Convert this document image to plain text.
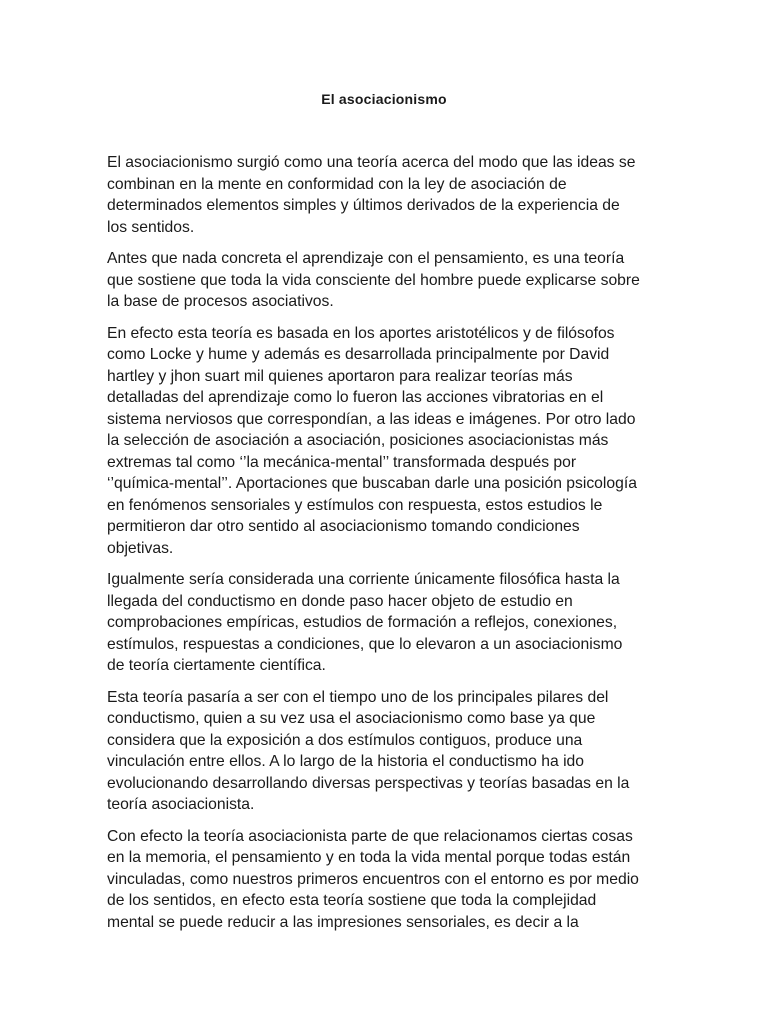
El asociacionismo

El asociacionismo surgió como una teoría acerca del modo que las ideas se
combinan en la mente en conformidad con la ley de asociación de
determinados elementos simples y últimos derivados de la experiencia de
los sentidos.

Antes que nada concreta el aprendizaje con el pensamiento, es una teoría
que sostiene que toda la vida consciente del hombre puede explicarse sobre
la base de procesos asociativos.

En efecto esta teoría es basada en los aportes aristotélicos y de filósofos
como Locke y hume y además es desarrollada principalmente por David
hartley y jhon suart mil quienes aportaron para realizar teorías más
detalladas del aprendizaje como lo fueron las acciones vibratorias en el
sistema nerviosos que correspondían, a las ideas e imágenes. Por otro lado
la selección de asociación a asociación, posiciones asociacionistas más
extremas tal como ‘’la mecánica-mental’’ transformada después por
‘’química-mental’’. Aportaciones que buscaban darle una posición psicología
en fenómenos sensoriales y estímulos con respuesta, estos estudios le
permitieron dar otro sentido al asociacionismo tomando condiciones
objetivas.

Igualmente sería considerada una corriente únicamente filosófica hasta la
llegada del conductismo en donde paso hacer objeto de estudio en
comprobaciones empíricas, estudios de formación a reflejos, conexiones,
estímulos, respuestas a condiciones, que lo elevaron a un asociacionismo
de teoría ciertamente científica.

Esta teoría pasaría a ser con el tiempo uno de los principales pilares del
conductismo, quien a su vez usa el asociacionismo como base ya que
considera que la exposición a dos estímulos contiguos, produce una
vinculación entre ellos. A lo largo de la historia el conductismo ha ido
evolucionando desarrollando diversas perspectivas y teorías basadas en la
teoría asociacionista.

Con efecto la teoría asociacionista parte de que relacionamos ciertas cosas
en la memoria, el pensamiento y en toda la vida mental porque todas están
vinculadas, como nuestros primeros encuentros con el entorno es por medio
de los sentidos, en efecto esta teoría sostiene que toda la complejidad
mental se puede reducir a las impresiones sensoriales, es decir a la
